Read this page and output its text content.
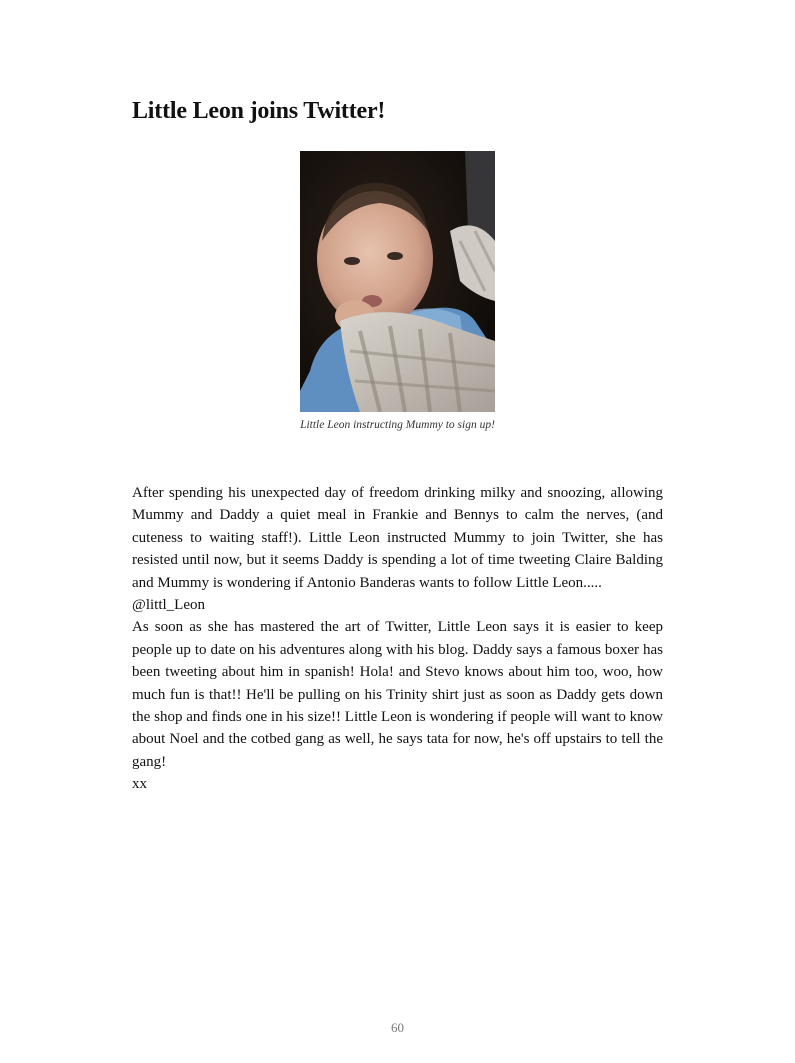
Little Leon joins Twitter!
Little Leon instructing Mummy to sign up!

After spending his unexpected day of freedom drinking milky and snoozing, allowing Mummy and Daddy a quiet meal in Frankie and Bennys to calm the nerves, (and cuteness to waiting staff!). Little Leon instructed Mummy to join Twitter, she has resisted until now, but it seems Daddy is spending a lot of time tweeting Claire Balding and Mummy is wondering if Antonio Banderas wants to follow Little Leon.....

@littl_Leon

As soon as she has mastered the art of Twitter, Little Leon says it is easier to keep people up to date on his adventures along with his blog. Daddy says a famous boxer has been tweeting about him in spanish! Hola! and Stevo knows about him too, woo, how much fun is that!! He'll be pulling on his Trinity shirt just as soon as Daddy gets down the shop and finds one in his size!! Little Leon is wondering if people will want to know about Noel and the cotbed gang as well, he says tata for now, he's off upstairs to tell the gang!

xx

60
